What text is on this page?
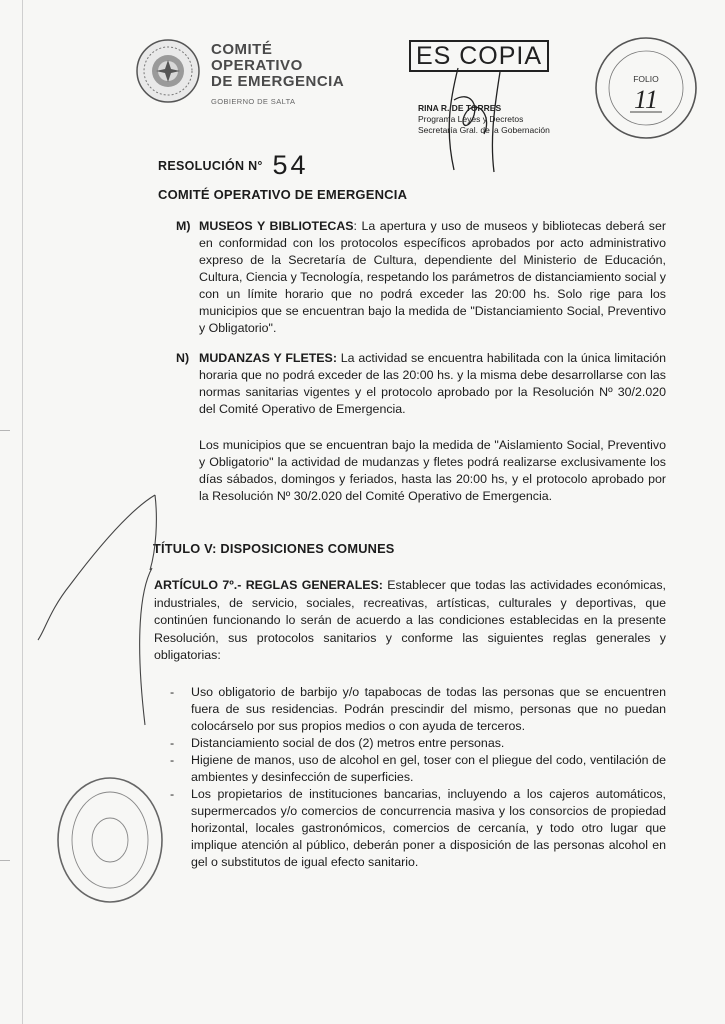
COMITÉ
OPERATIVO
DE EMERGENCIA
GOBIERNO DE SALTA
ES COPIA
RINA R. DE TORRES
Programa Leyes y Decretos
Secretaría Gral. de la Gobernación
FOLIO
11
RESOLUCIÓN N° 54
COMITÉ OPERATIVO DE EMERGENCIA
M) MUSEOS Y BIBLIOTECAS: La apertura y uso de museos y bibliotecas deberá ser en conformidad con los protocolos específicos aprobados por acto administrativo expreso de la Secretaría de Cultura, dependiente del Ministerio de Educación, Cultura, Ciencia y Tecnología, respetando los parámetros de distanciamiento social y con un límite horario que no podrá exceder las 20:00 hs. Solo rige para los municipios que se encuentran bajo la medida de "Distanciamiento Social, Preventivo y Obligatorio".
N) MUDANZAS Y FLETES: La actividad se encuentra habilitada con la única limitación horaria que no podrá exceder de las 20:00 hs. y la misma debe desarrollarse con las normas sanitarias vigentes y el protocolo aprobado por la Resolución Nº 30/2.020 del Comité Operativo de Emergencia.
Los municipios que se encuentran bajo la medida de "Aislamiento Social, Preventivo y Obligatorio" la actividad de mudanzas y fletes podrá realizarse exclusivamente los días sábados, domingos y feriados, hasta las 20:00 hs, y el protocolo aprobado por la Resolución Nº 30/2.020 del Comité Operativo de Emergencia.
TÍTULO V: DISPOSICIONES COMUNES
ARTÍCULO 7º.- REGLAS GENERALES: Establecer que todas las actividades económicas, industriales, de servicio, sociales, recreativas, artísticas, culturales y deportivas, que continúen funcionando lo serán de acuerdo a las condiciones establecidas en la presente Resolución, sus protocolos sanitarios y conforme las siguientes reglas generales y obligatorias:
- Uso obligatorio de barbijo y/o tapabocas de todas las personas que se encuentren fuera de sus residencias. Podrán prescindir del mismo, personas que no puedan colocárselo por sus propios medios o con ayuda de terceros.
- Distanciamiento social de dos (2) metros entre personas.
- Higiene de manos, uso de alcohol en gel, toser con el pliegue del codo, ventilación de ambientes y desinfección de superficies.
- Los propietarios de instituciones bancarias, incluyendo a los cajeros automáticos, supermercados y/o comercios de concurrencia masiva y los consorcios de propiedad horizontal, locales gastronómicos, comercios de cercanía, y todo otro lugar que implique atención al público, deberán poner a disposición de las personas alcohol en gel o substitutos de igual efecto sanitario.
